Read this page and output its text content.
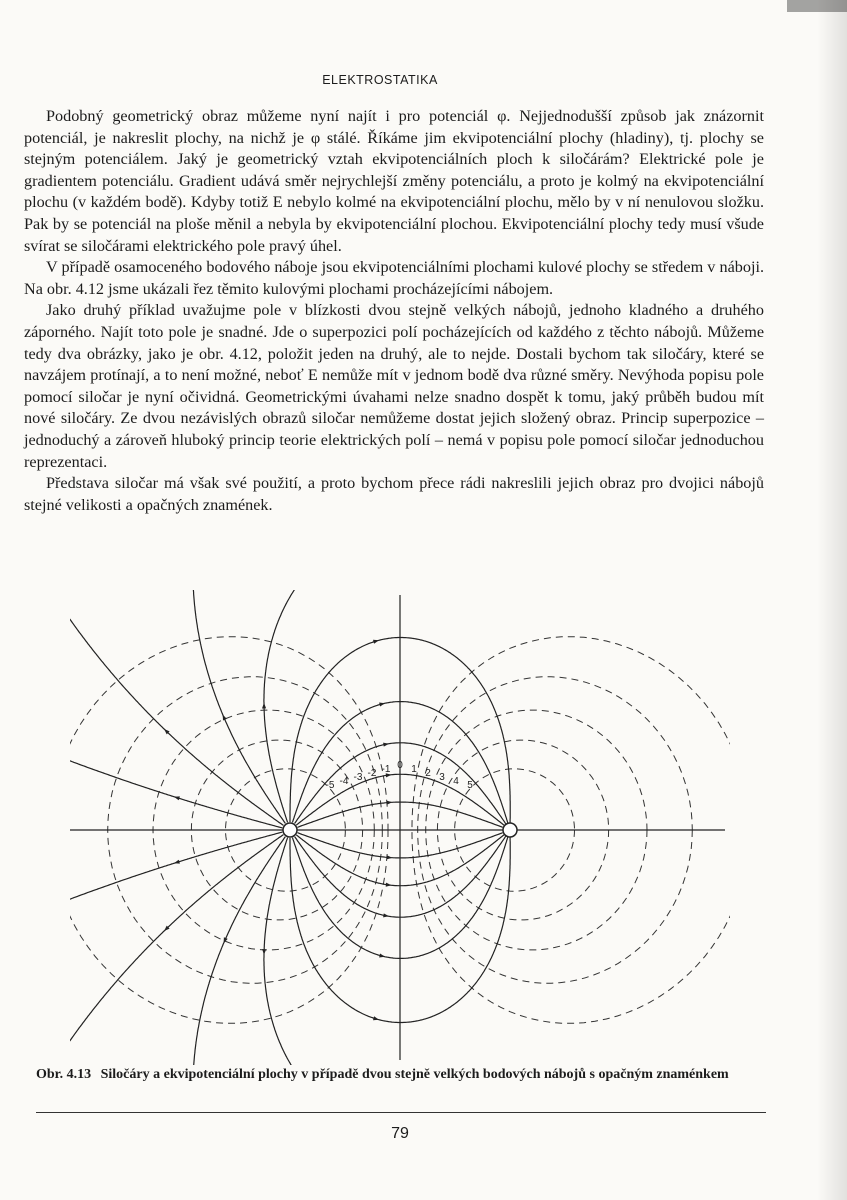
ELEKTROSTATIKA

Podobný geometrický obraz můžeme nyní najít i pro potenciál φ. Nejjednodušší způsob jak znázornit potenciál, je nakreslit plochy, na nichž je φ stálé. Říkáme jim ekvipotenciální plochy (hladiny), tj. plochy se stejným potenciálem. Jaký je geometrický vztah ekvipotenciálních ploch k siločárám? Elektrické pole je gradientem potenciálu. Gradient udává směr nejrychlejší změny potenciálu, a proto je kolmý na ekvipotenciální plochu (v každém bodě). Kdyby totiž E nebylo kolmé na ekvipotenciální plochu, mělo by v ní nenulovou složku. Pak by se potenciál na ploše měnil a nebyla by ekvipotenciální plochou. Ekvipotenciální plochy tedy musí všude svírat se siločárami elektrického pole pravý úhel.

V případě osamoceného bodového náboje jsou ekvipotenciálními plochami kulové plochy se středem v náboji. Na obr. 4.12 jsme ukázali řez těmito kulovými plochami procházejícími nábojem.

Jako druhý příklad uvažujme pole v blízkosti dvou stejně velkých nábojů, jednoho kladného a druhého záporného. Najít toto pole je snadné. Jde o superpozici polí pocházejících od každého z těchto nábojů. Můžeme tedy dva obrázky, jako je obr. 4.12, položit jeden na druhý, ale to nejde. Dostali bychom tak siločáry, které se navzájem protínají, a to není možné, neboť E nemůže mít v jednom bodě dva různé směry. Nevýhoda popisu pole pomocí siločar je nyní očividná. Geometrickými úvahami nelze snadno dospět k tomu, jaký průběh budou mít nové siločáry. Ze dvou nezávislých obrazů siločar nemůžeme dostat jejich složený obraz. Princip superpozice – jednoduchý a zároveň hluboký princip teorie elektrických polí – nemá v popisu pole pomocí siločar jednoduchou reprezentaci.

Představa siločar má však své použití, a proto bychom přece rádi nakreslili jejich obraz pro dvojici nábojů stejné velikosti a opačných znamének.

-5 -4 -3 -2 -1 0 1 2 3 4 5
Obr. 4.13 Siločáry a ekvipotenciální plochy v případě dvou stejně velkých bodových nábojů s opačným znaménkem
79
